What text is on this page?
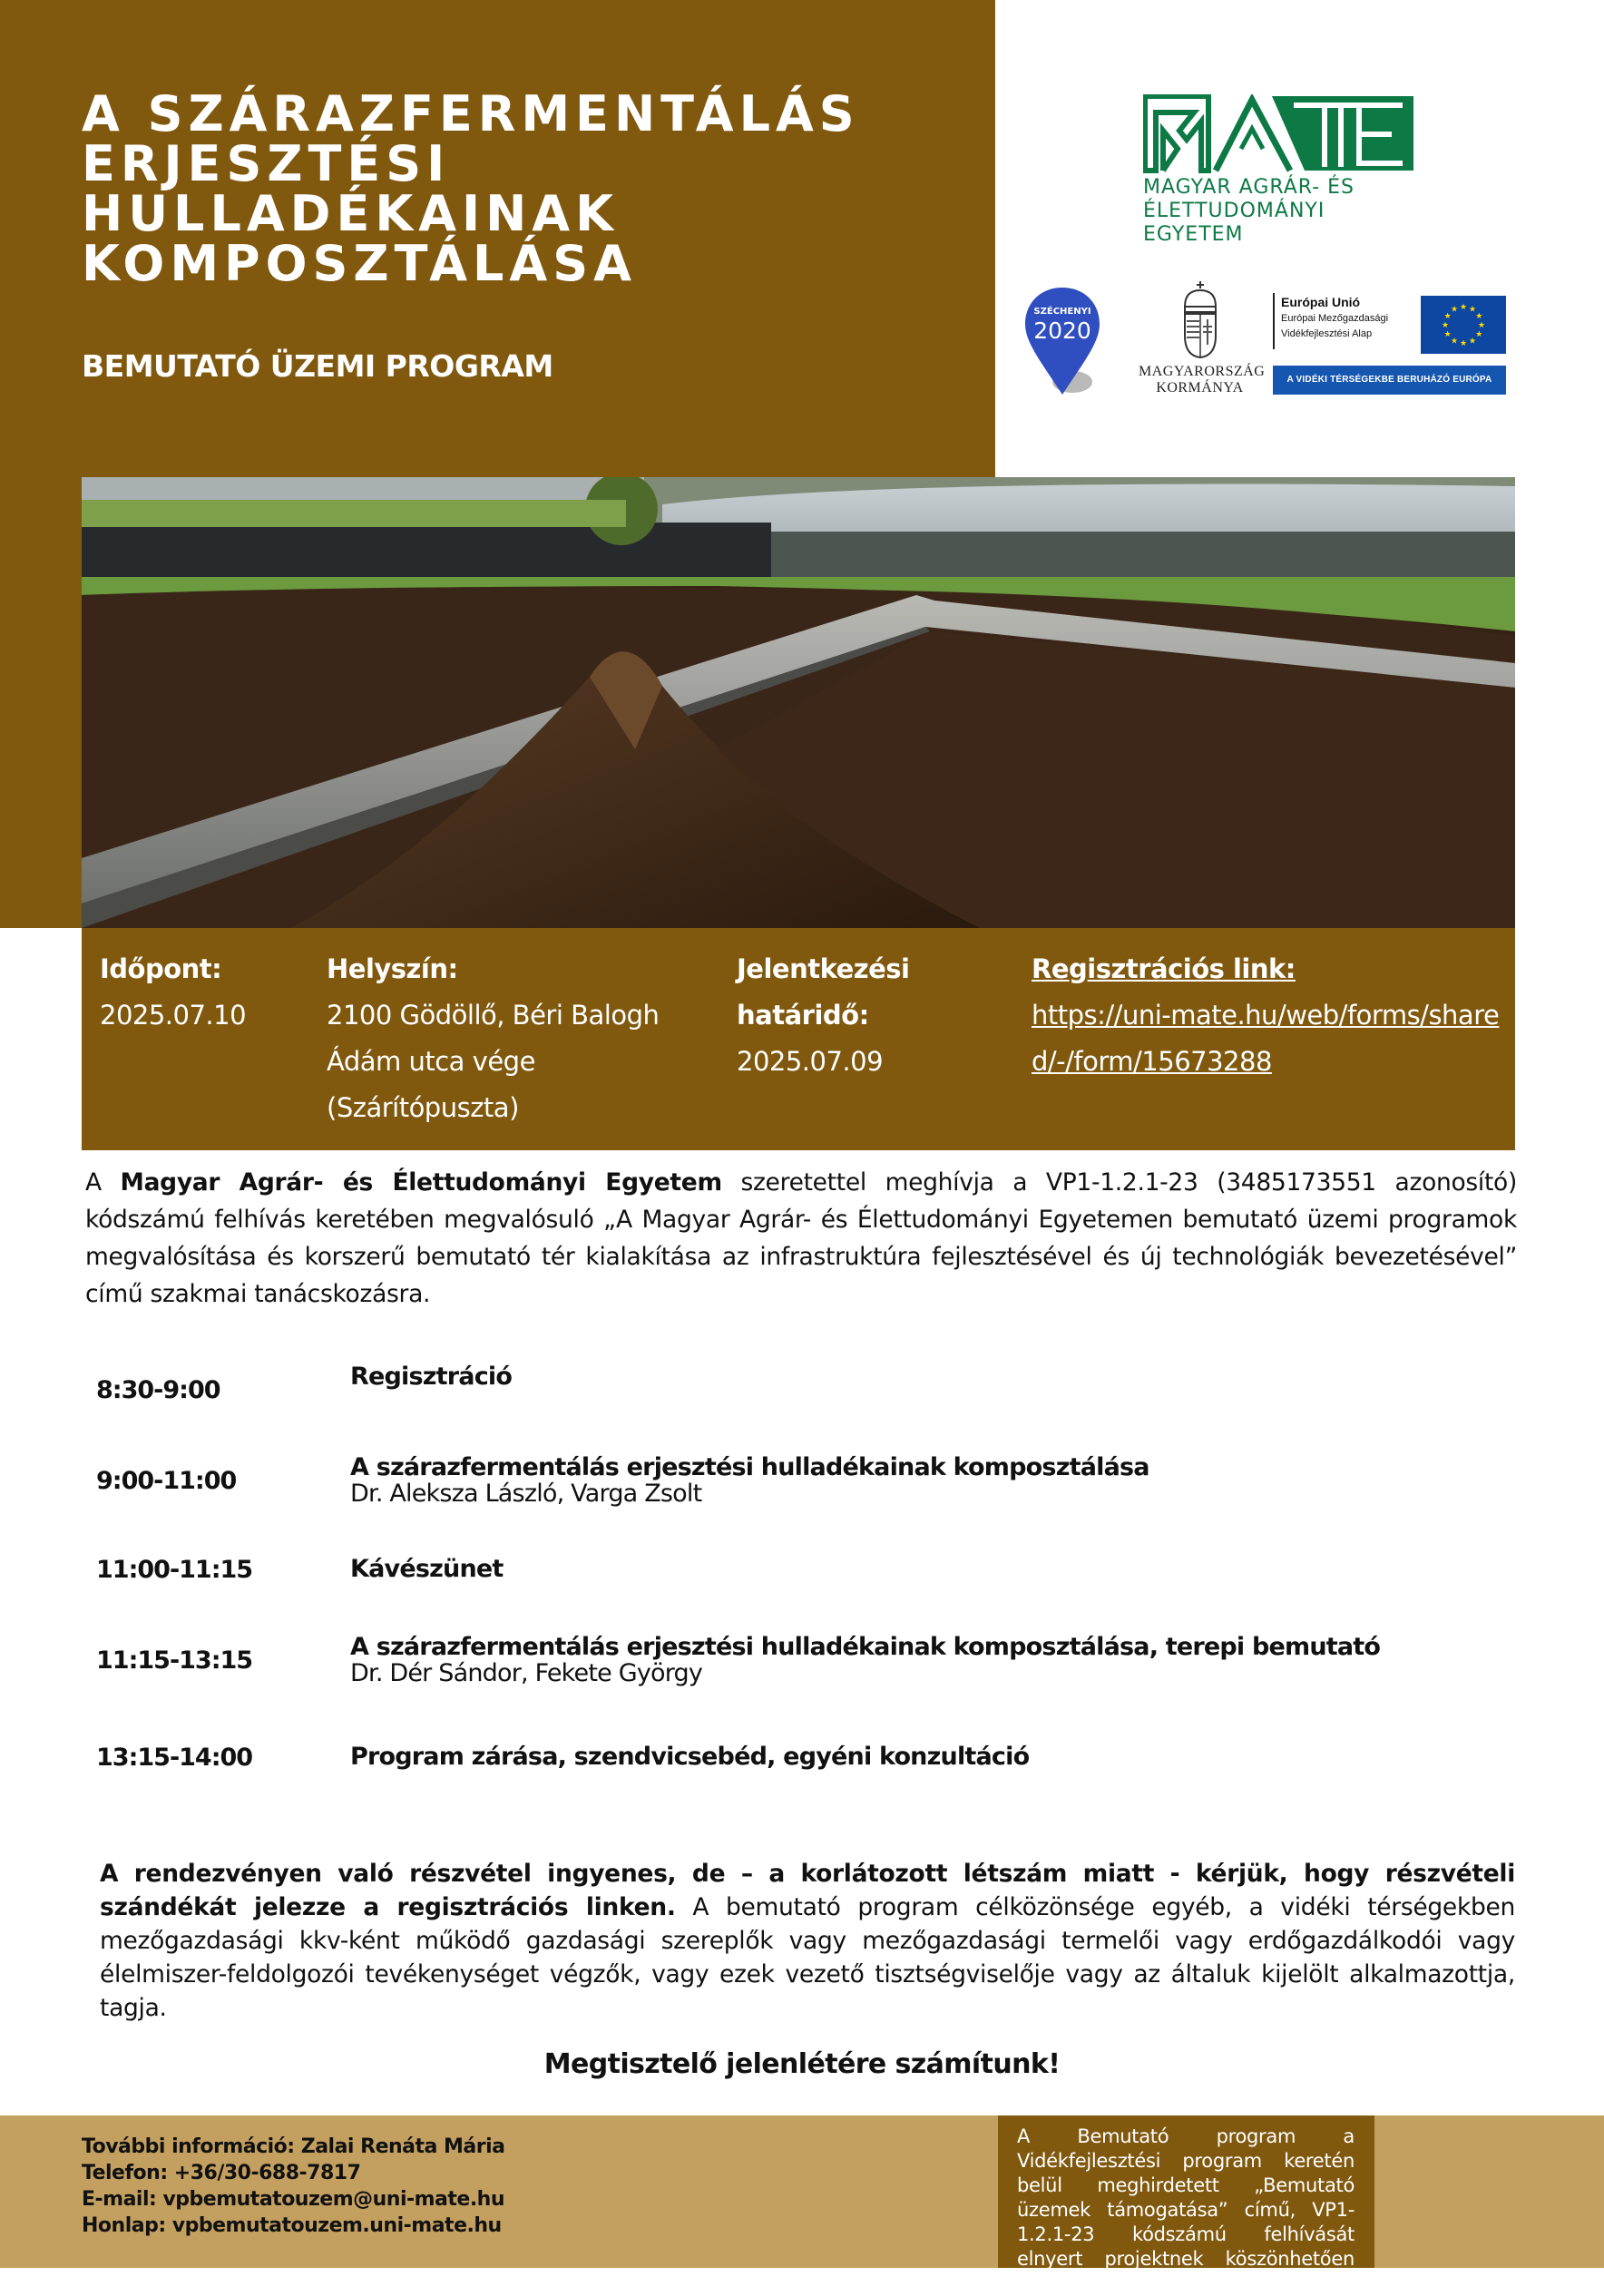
A SZÁRAZFERMENTÁLÁS
ERJESZTÉSI HULLADÉKAINAK
KOMPOSZTÁLÁSA
BEMUTATÓ ÜZEMI PROGRAM
MAGYAR AGRÁR- ÉS
ÉLETTUDOMÁNYI EGYETEM
SZÉCHENYI
2020
MAGYARORSZÁG
KORMÁNYA
Európai Unió
Európai Mezőgazdasági
Vidékfejlesztési Alap
★
★
★
★
★
★
★
★
★ ★ ★
★
A VIDÉKI TÉRSÉGEKBE BERUHÁZÓ EURÓPA
Időpont:
2025.07.10
Helyszín:
2100 Gödöllő, Béri Balogh Ádám utca vége (Szárítópuszta)
Jelentkezési határidő:
2025.07.09
Regisztrációs link:
https://uni-mate.hu/web/forms/shared/-/form/15673288

A Magyar Agrár- és Élettudományi Egyetem szeretettel meghívja a VP1-1.2.1-23 (3485173551 azonosító) kódszámú felhívás keretében megvalósuló „A Magyar Agrár- és Élettudományi Egyetemen bemutató üzemi programok megvalósítása és korszerű bemutató tér kialakítása az infrastruktúra fejlesztésével és új technológiák bevezetésével” című szakmai tanácskozásra.

8:30-9:00	Regisztráció
9:00-11:00	A szárazfermentálás erjesztési hulladékainak komposztálása
Dr. Aleksza László, Varga Zsolt
11:00-11:15	Kávészünet
11:15-13:15	A szárazfermentálás erjesztési hulladékainak komposztálása, terepi bemutató
Dr. Dér Sándor, Fekete György
13:15-14:00	Program zárása, szendvicsebéd, egyéni konzultáció

A rendezvényen való részvétel ingyenes, de – a korlátozott létszám miatt - kérjük, hogy részvételi szándékát jelezze a regisztrációs linken. A bemutató program célközönsége egyéb, a vidéki térségekben mezőgazdasági kkv-ként működő gazdasági szereplők vagy mezőgazdasági termelői vagy erdőgazdálkodói vagy élelmiszer-feldolgozói tevékenységet végzők, vagy ezek vezető tisztségviselője vagy az általuk kijelölt alkalmazottja, tagja.

Megtisztelő jelenlétére számítunk!
További információ: Zalai Renáta Mária
Telefon: +36/30-688-7817
E-mail: vpbemutatouzem@uni-mate.hu
Honlap: vpbemutatouzem.uni-mate.hu

A Bemutató program a Vidékfejlesztési program keretén belül meghirdetett „Bemutató üzemek támogatása” című, VP1-1.2.1-23 kódszámú felhívását elnyert projektnek köszönhetően valósul meg.
